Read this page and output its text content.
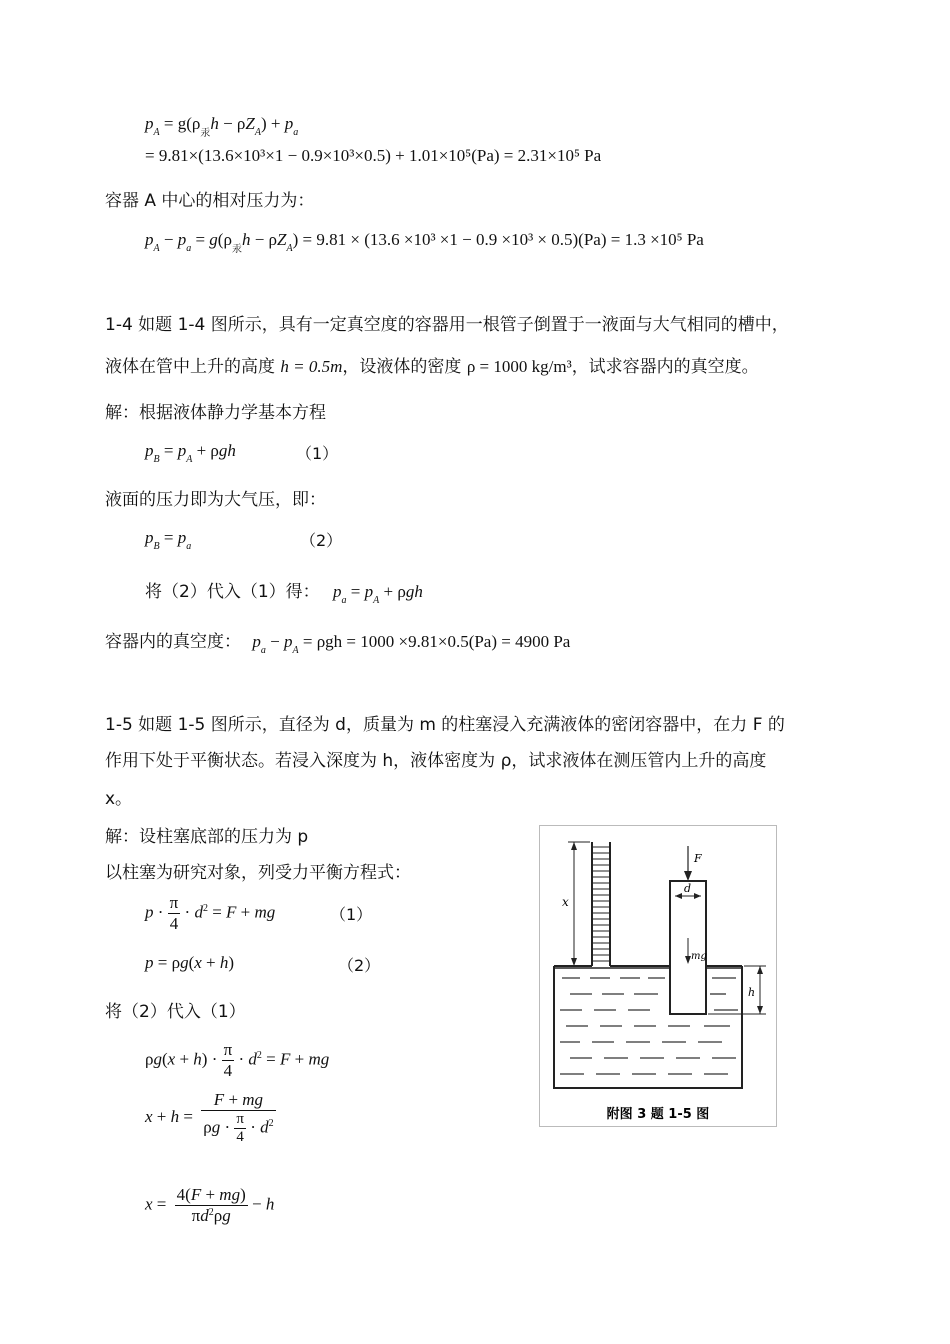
$p_A = g(\rho_汞h - \rho Z_A) + p_a$
= 9.81×(13.6×10³×1 − 0.9×10³×0.5) + 1.01×10⁵(Pa) = 2.31×10⁵ Pa
容器 A 中心的相对压力为：
$p_A - p_a = g(\rho_汞h - \rho Z_A) = 9.81 \times (13.6 \times 10^3 \times 1 - 0.9 \times 10^3 \times 0.5)(Pa) = 1.3 \times 10^5$ Pa
1-4 如题 1-4 图所示，具有一定真空度的容器用一根管子倒置于一液面与大气相同的槽中，
液体在管中上升的高度 h = 0.5m，设液体的密度 ρ = 1000 kg/m³，试求容器内的真空度。
解：根据液体静力学基本方程
$p_B = p_A + \rho gh$	（1）
液面的压力即为大气压，即：
$p_B = p_a$	（2）
将（2）代入（1）得： $p_a = p_A + \rho gh$
容器内的真空度： $p_a - p_A = \rho gh = 1000 \times 9.81\times 0.5(Pa) = 4900$ Pa
1-5 如题 1-5 图所示，直径为 d，质量为 m 的柱塞浸入充满液体的密闭容器中，在力 F 的
作用下处于平衡状态。若浸入深度为 h，液体密度为 ρ，试求液体在测压管内上升的高度
x。
解：设柱塞底部的压力为 p
以柱塞为研究对象，列受力平衡方程式：
$p \cdot \frac{\pi}{4} \cdot d^2 = F$ + mg	（1）
p = ρg(x + h)	（2）
将（2）代入（1）
$\rho g(x + h) \cdot \frac{\pi}{4} \cdot d^2 = F$ + mg
$x + h = \frac{F + mg}{\rho g \cdot \frac{\pi}{4} \cdot d^2}$
$x = \frac{4(F + mg)}{\pi d^2\rho g} - h$
x
d
F
mg
h
附图 3 题 1-5 图
